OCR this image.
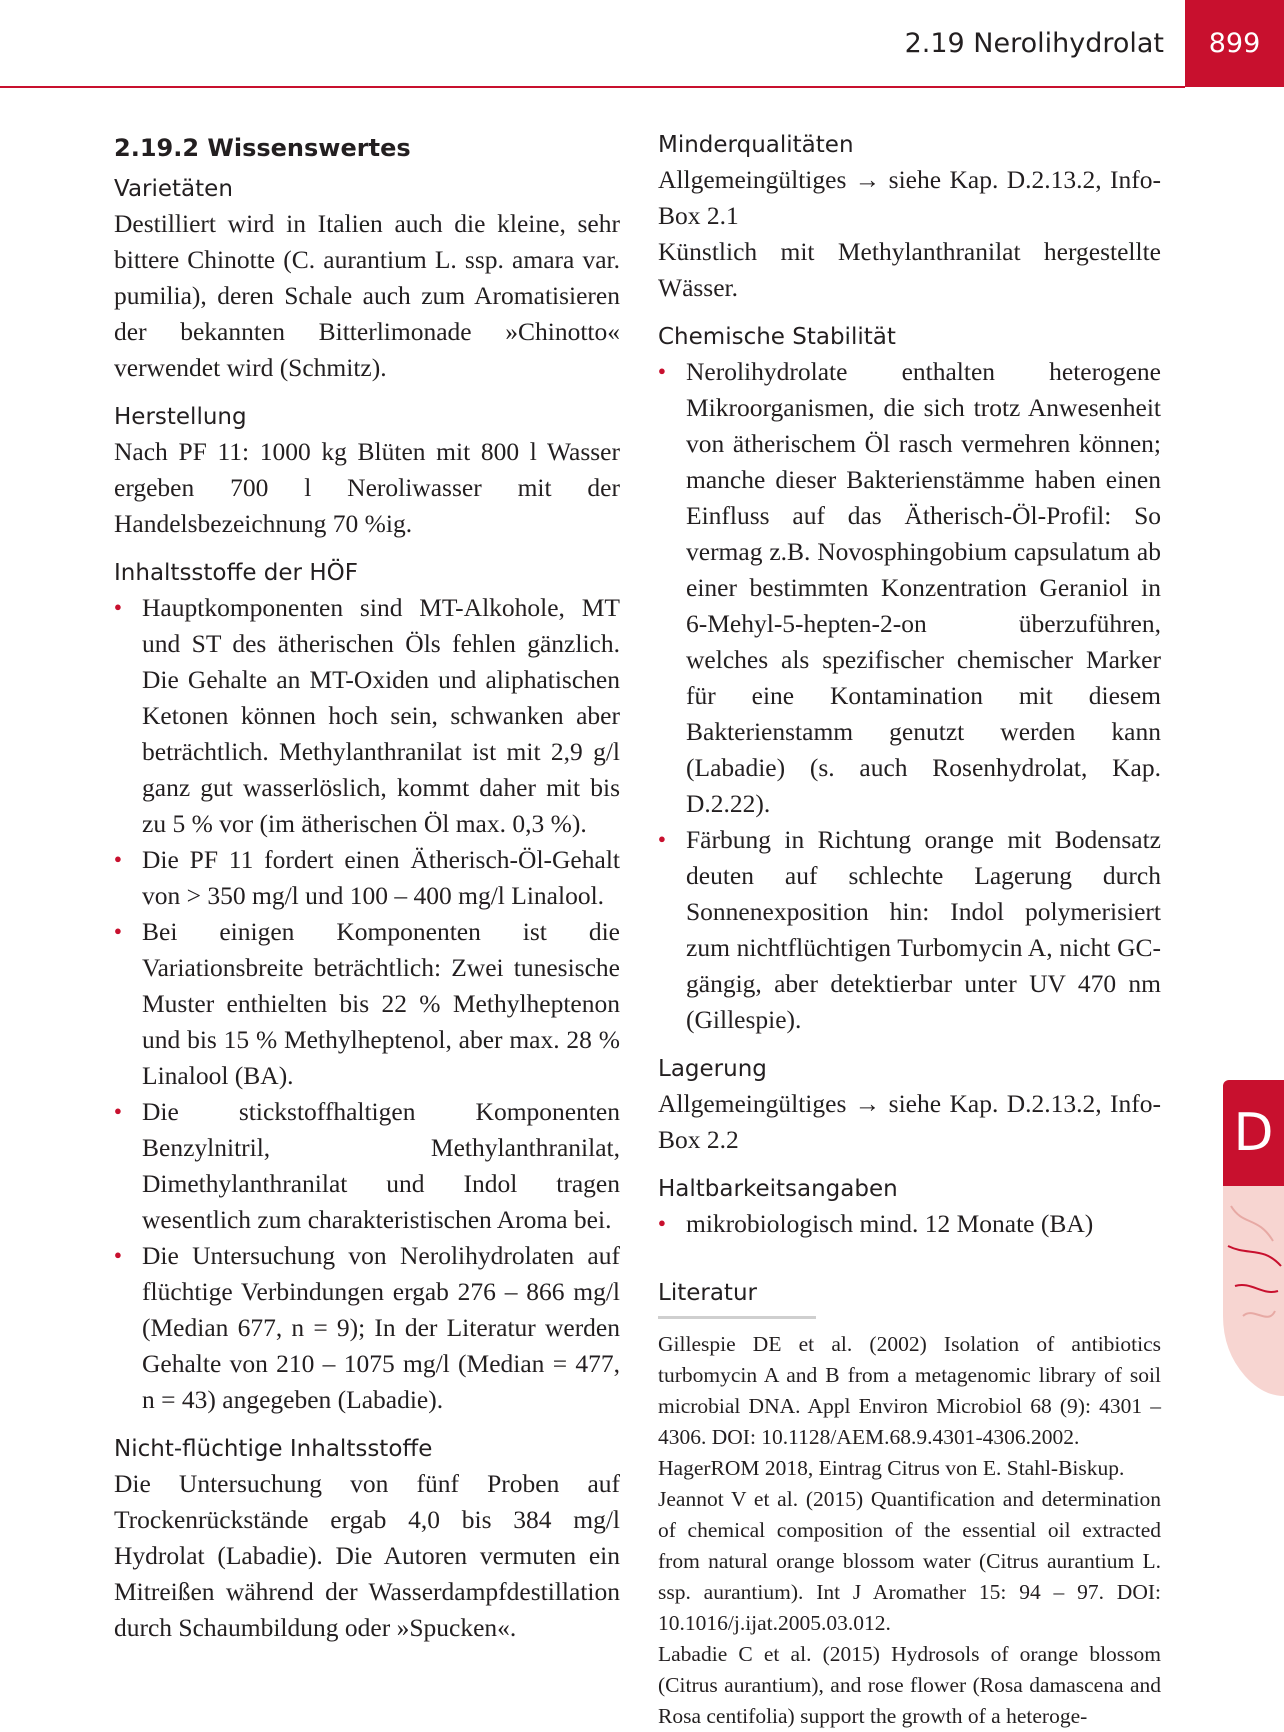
2.19 Nerolihydrolat	899
2.19.2 Wissenswertes
Varietäten

Destilliert wird in Italien auch die kleine, sehr bittere Chinotte (C. aurantium L. ssp. amara var. pumilia), deren Schale auch zum Aromatisieren der bekannten Bitterlimonade »Chinotto« verwendet wird (Schmitz).

Herstellung

Nach PF 11: 1000 kg Blüten mit 800 l Wasser ergeben 700 l Neroliwasser mit der Handelsbezeichnung 70 %ig.

Inhaltsstoffe der HÖF
● Hauptkomponenten sind MT-Alkohole, MT und ST des ätherischen Öls fehlen gänzlich. Die Gehalte an MT-Oxiden und aliphatischen Ketonen können hoch sein, schwanken aber beträchtlich. Methylanthranilat ist mit 2,9 g/l ganz gut wasserlöslich, kommt daher mit bis zu 5 % vor (im ätherischen Öl max. 0,3 %).
● Die PF 11 fordert einen Ätherisch-Öl-Gehalt von > 350 mg/l und 100 – 400 mg/l Linalool.
● Bei einigen Komponenten ist die Variationsbreite beträchtlich: Zwei tunesische Muster enthielten bis 22 % Methylheptenon und bis 15 % Methylheptenol, aber max. 28 % Linalool (BA).
● Die stickstoffhaltigen Komponenten Benzylnitril, Methylanthranilat, Dimethylanthranilat und Indol tragen wesentlich zum charakteristischen Aroma bei.
● Die Untersuchung von Nerolihydrolaten auf flüchtige Verbindungen ergab 276 – 866 mg/l (Median 677, n = 9); In der Literatur werden Gehalte von 210 – 1075 mg/l (Median = 477, n = 43) angegeben (Labadie).
Nicht-flüchtige Inhaltsstoffe

Die Untersuchung von fünf Proben auf Trockenrückstände ergab 4,0 bis 384 mg/l Hydrolat (Labadie). Die Autoren vermuten ein Mitreißen während der Wasserdampfdestillation durch Schaumbildung oder »Spucken«.

Minderqualitäten

Allgemeingültiges → siehe Kap. D.2.13.2, Info-Box 2.1

Künstlich mit Methylanthranilat hergestellte Wässer.

Chemische Stabilität
● Nerolihydrolate enthalten heterogene Mikroorganismen, die sich trotz Anwesenheit von ätherischem Öl rasch vermehren können; manche dieser Bakterienstämme haben einen Einfluss auf das Ätherisch-Öl-Profil: So vermag z.B. Novosphingobium capsulatum ab einer bestimmten Konzentration Geraniol in 6-Mehyl-5-hepten-2-on überzuführen, welches als spezifischer chemischer Marker für eine Kontamination mit diesem Bakterienstamm genutzt werden kann (Labadie) (s. auch Rosenhydrolat, Kap. D.2.22).
● Färbung in Richtung orange mit Bodensatz deuten auf schlechte Lagerung durch Sonnenexposition hin: Indol polymerisiert zum nichtflüchtigen Turbomycin A, nicht GC-gängig, aber detektierbar unter UV 470 nm (Gillespie).
Lagerung

Allgemeingültiges → siehe Kap. D.2.13.2, Info-Box 2.2

Haltbarkeitsangaben
● mikrobiologisch mind. 12 Monate (BA)
Literatur

Gillespie DE et al. (2002) Isolation of antibiotics turbomycin A and B from a metagenomic library of soil microbial DNA. Appl Environ Microbiol 68 (9): 4301 – 4306. DOI: 10.1128/AEM.68.9.4301-4306.2002.

HagerROM 2018, Eintrag Citrus von E. Stahl-Biskup.

Jeannot V et al. (2015) Quantification and determination of chemical composition of the essential oil extracted from natural orange blossom water (Citrus aurantium L. ssp. aurantium). Int J Aromather 15: 94 – 97. DOI: 10.1016/j.ijat.2005.03.012.

Labadie C et al. (2015) Hydrosols of orange blossom (Citrus aurantium), and rose flower (Rosa damascena and Rosa centifolia) support the growth of a heteroge-

D
